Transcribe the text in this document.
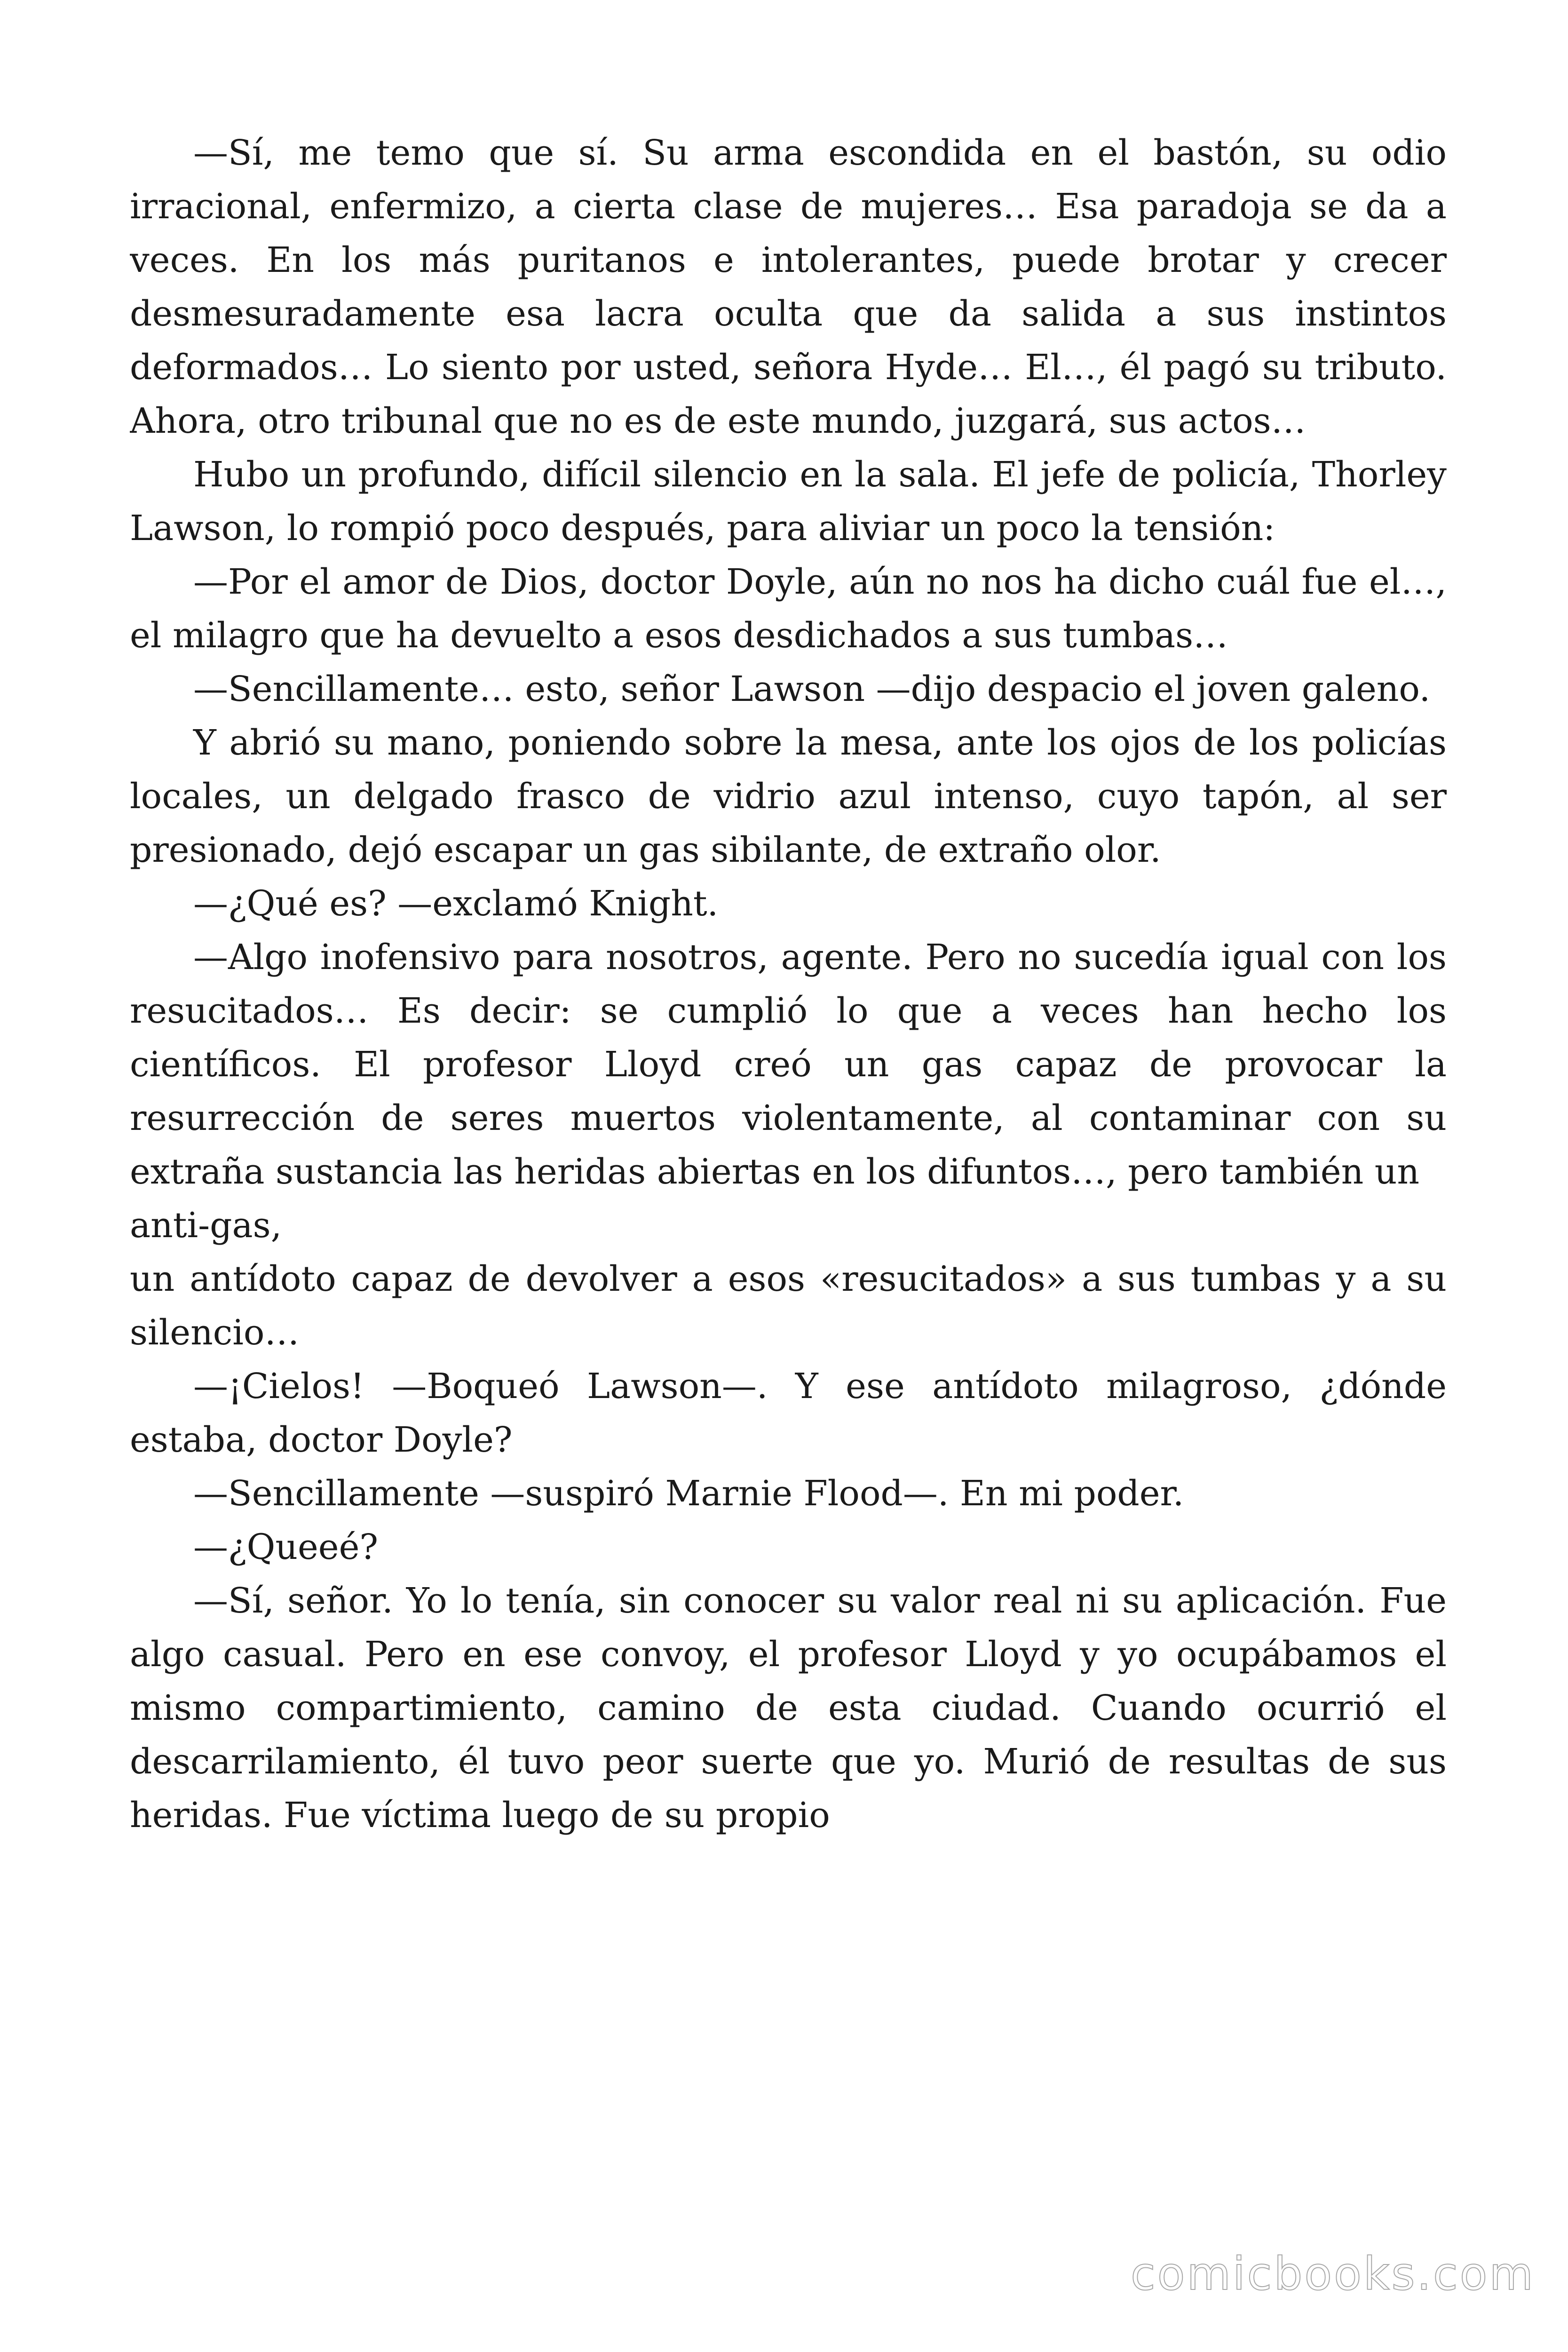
—Sí, me temo que sí. Su arma escondida en el bastón, su odio irracional, enfermizo, a cierta clase de mujeres… Esa paradoja se da a veces. En los más puritanos e intolerantes, puede brotar y crecer desmesuradamente esa lacra oculta que da salida a sus instintos deformados… Lo siento por usted, señora Hyde… El…, él pagó su tributo. Ahora, otro tribunal que no es de este mundo, juzgará, sus actos…

Hubo un profundo, difícil silencio en la sala. El jefe de policía, Thorley Lawson, lo rompió poco después, para aliviar un poco la tensión:

—Por el amor de Dios, doctor Doyle, aún no nos ha dicho cuál fue el…, el milagro que ha devuelto a esos desdichados a sus tumbas…

—Sencillamente… esto, señor Lawson —dijo despacio el joven galeno.

Y abrió su mano, poniendo sobre la mesa, ante los ojos de los policías locales, un delgado frasco de vidrio azul intenso, cuyo tapón, al ser presionado, dejó escapar un gas sibilante, de extraño olor.

—¿Qué es? —exclamó Knight.

—Algo inofensivo para nosotros, agente. Pero no sucedía igual con los resucitados… Es decir: se cumplió lo que a veces han hecho los científicos. El profesor Lloyd creó un gas capaz de provocar la resurrección de seres muertos violentamente, al contaminar con su extraña sustancia las heridas abiertas en los difuntos…, pero también un

anti-gas,

un antídoto capaz de devolver a esos «resucitados» a sus tumbas y a su silencio…

—¡Cielos! —Boqueó Lawson—. Y ese antídoto milagroso, ¿dónde estaba, doctor Doyle?

—Sencillamente —suspiró Marnie Flood—. En mi poder.

—¿Queeé?

—Sí, señor. Yo lo tenía, sin conocer su valor real ni su aplicación. Fue algo casual. Pero en ese convoy, el profesor Lloyd y yo ocupábamos el mismo compartimiento, camino de esta ciudad. Cuando ocurrió el descarrilamiento, él tuvo peor suerte que yo. Murió de resultas de sus heridas. Fue víctima luego de su propio

comicbooks.com
